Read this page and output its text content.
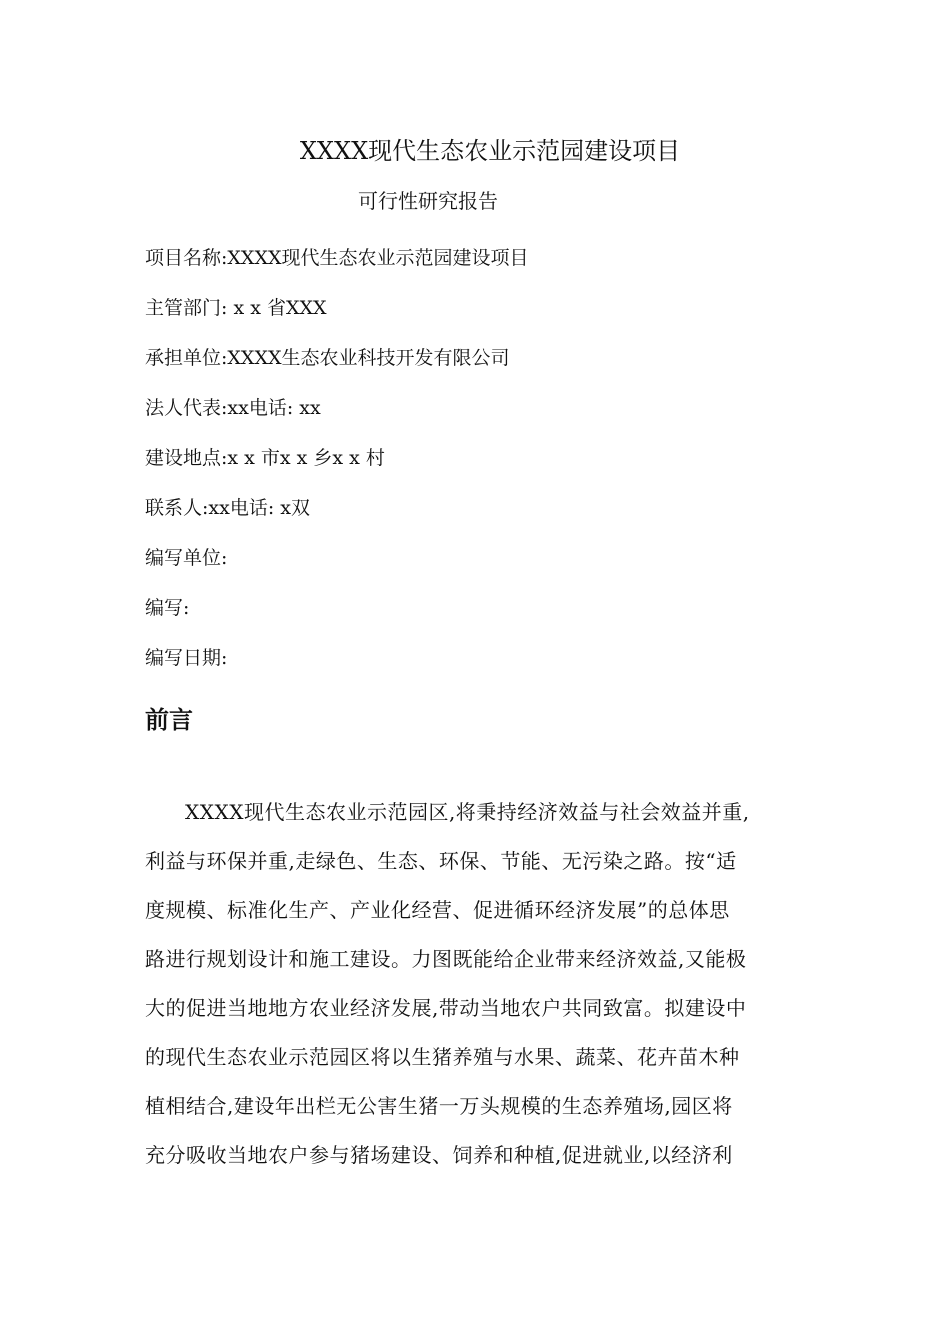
XXXX现代生态农业示范园建设项目
可行性研究报告
项目名称:XXXX现代生态农业示范园建设项目
主管部门: x x 省XXX
承担单位:XXXX生态农业科技开发有限公司
法人代表:xx电话: xx
建设地点:x x 市x x 乡x x 村
联系人:xx电话: x双
编写单位:
编写:
编写日期:
前言
XXXX现代生态农业示范园区,将秉持经济效益与社会效益并重,
利益与环保并重,走绿色、生态、环保、节能、无污染之路。按“适
度规模、标准化生产、产业化经营、促进循环经济发展”的总体思
路进行规划设计和施工建设。力图既能给企业带来经济效益,又能极
大的促进当地地方农业经济发展,带动当地农户共同致富。拟建设中
的现代生态农业示范园区将以生猪养殖与水果、蔬菜、花卉苗木种
植相结合,建设年出栏无公害生猪一万头规模的生态养殖场,园区将
充分吸收当地农户参与猪场建设、饲养和种植,促进就业,以经济利
